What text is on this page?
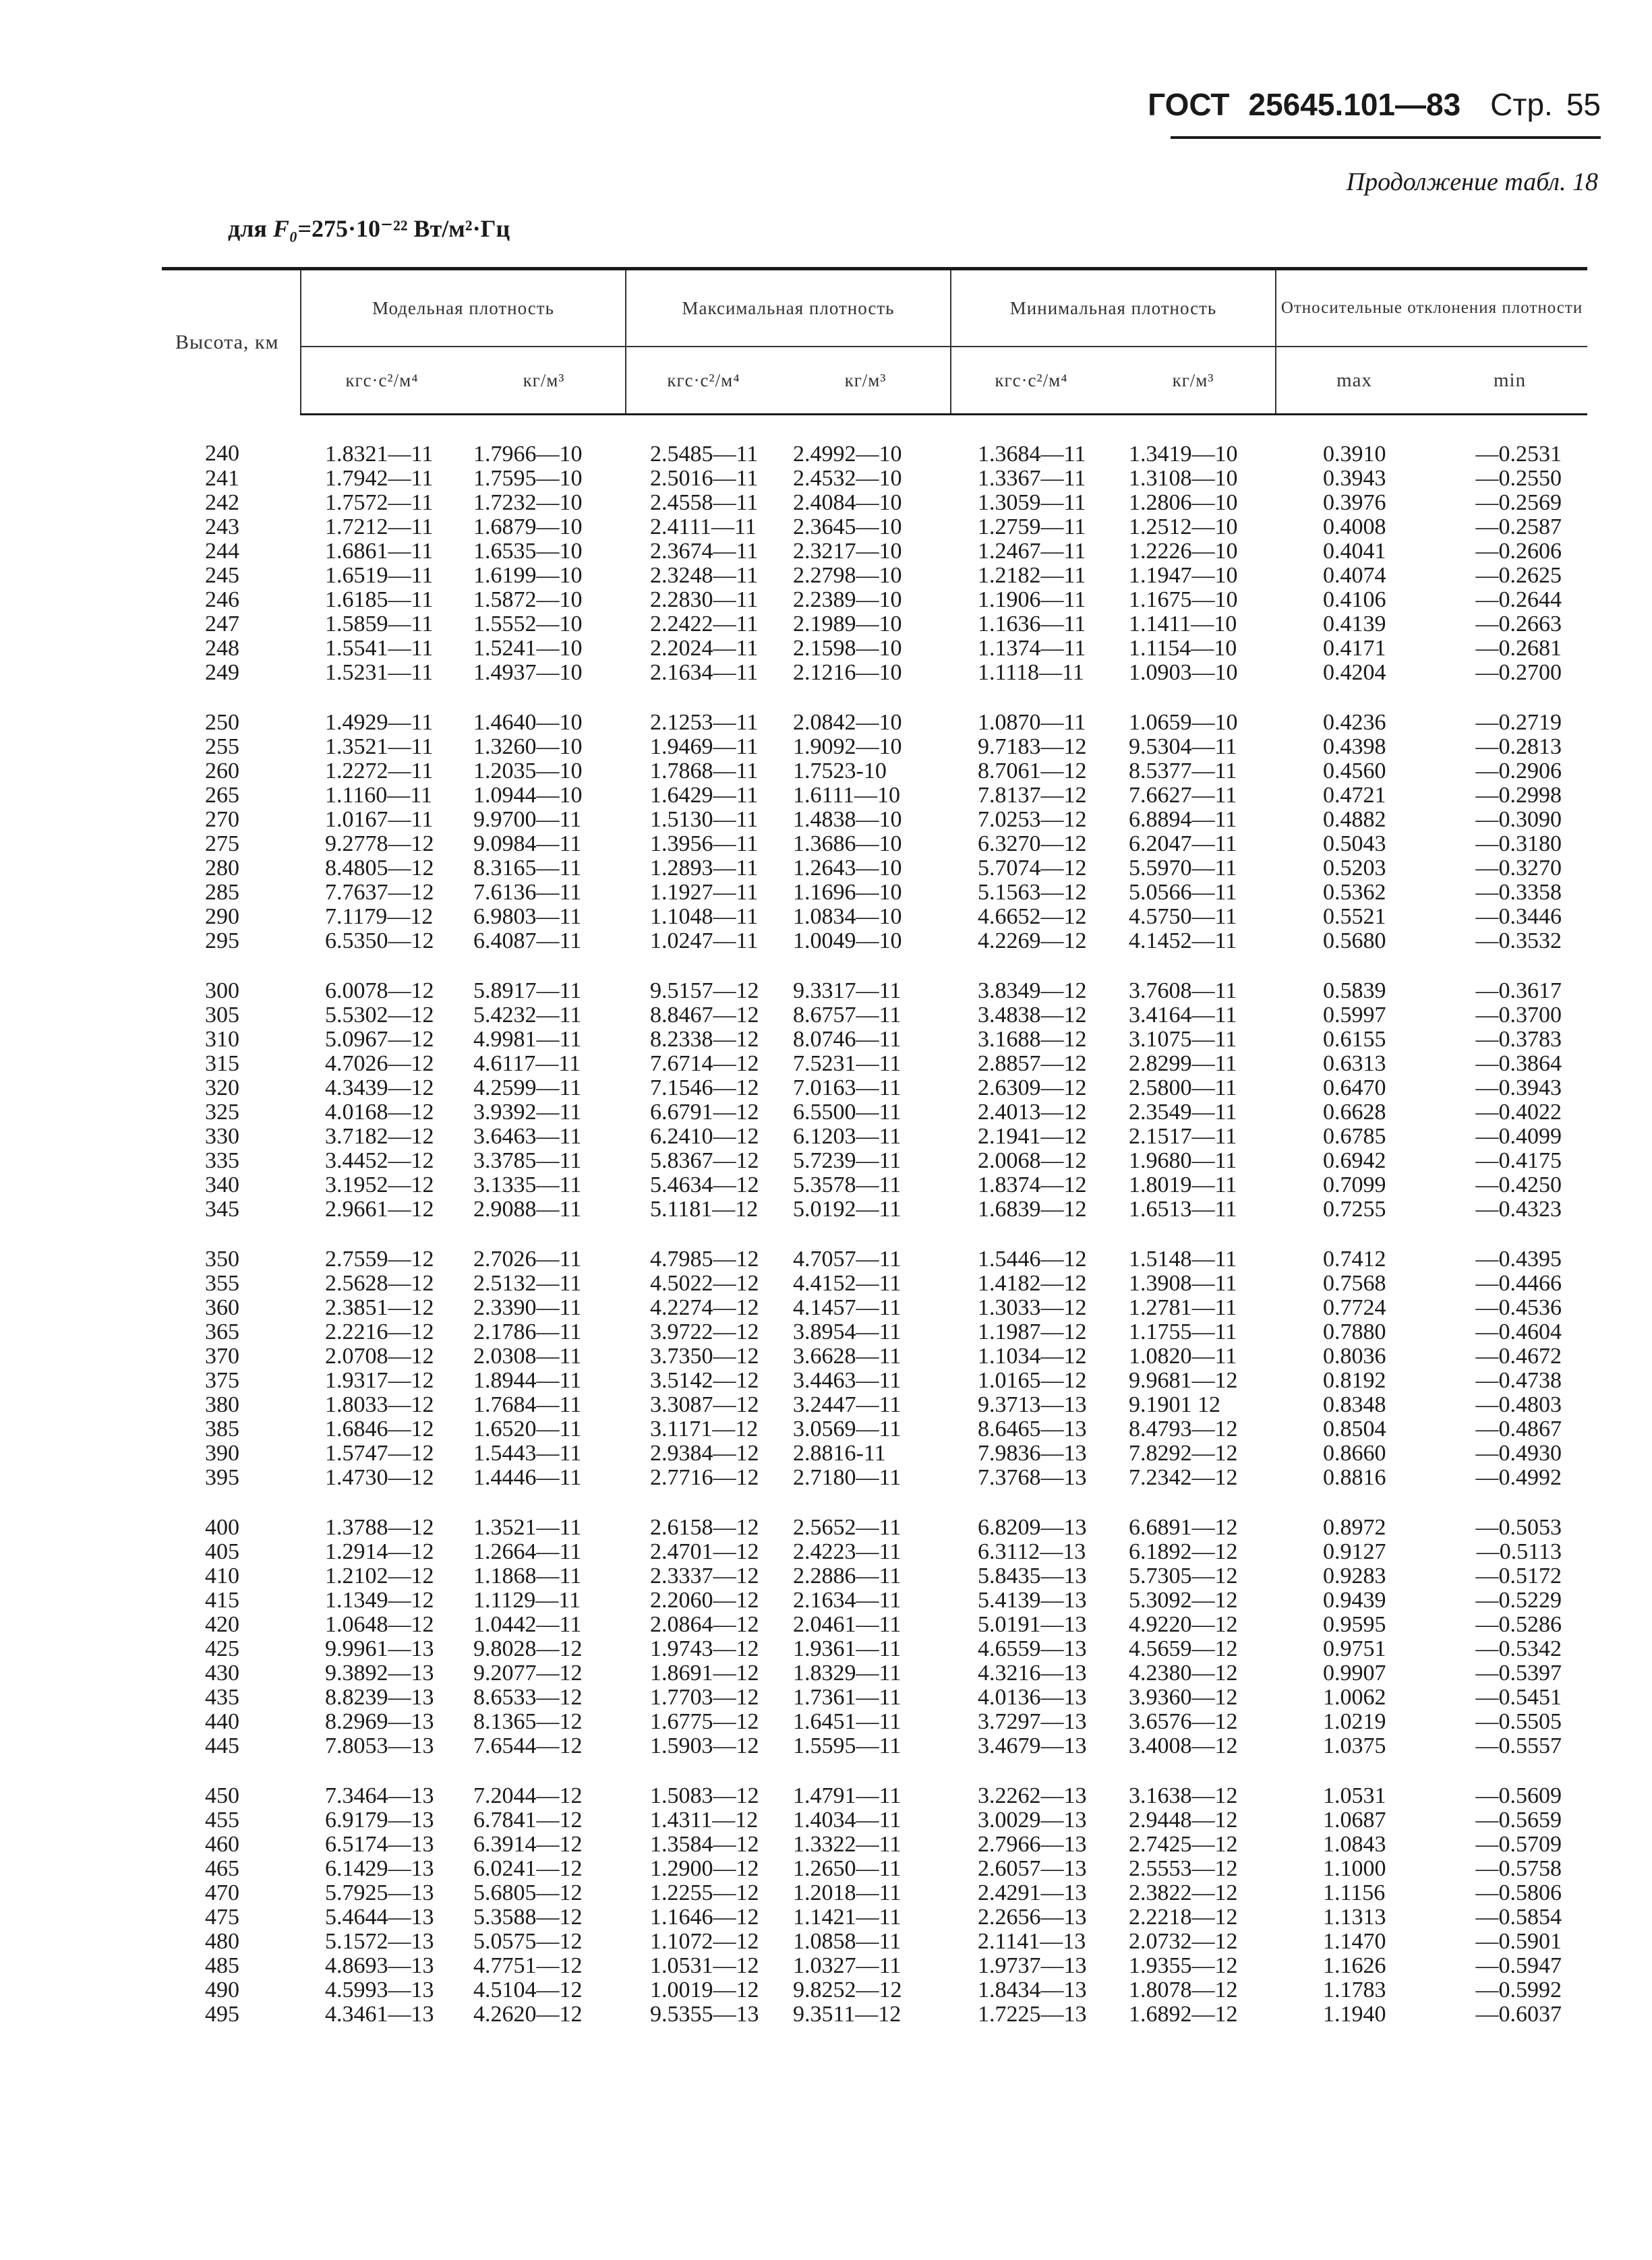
ГОСТ 25645.101—83 Стр. 55
Продолжение табл. 18
для F₀=275·10⁻²² Вт/м²·Гц
Высота, км	Модельная плотность		Максимальная плотность		Минимальная плотность		Относительные отклонения плотности	
	кгс·с²/м⁴	кг/м³	кгс·с²/м⁴	кг/м³	кгс·с²/м⁴	кг/м³	max	min
240	1.8321—11	1.7966—10	2.5485—11	2.4992—10	1.3684—11	1.3419—10	0.3910	—0.2531
241	1.7942—11	1.7595—10	2.5016—11	2.4532—10	1.3367—11	1.3108—10	0.3943	—0.2550
242	1.7572—11	1.7232—10	2.4558—11	2.4084—10	1.3059—11	1.2806—10	0.3976	—0.2569
243	1.7212—11	1.6879—10	2.4111—11	2.3645—10	1.2759—11	1.2512—10	0.4008	—0.2587
244	1.6861—11	1.6535—10	2.3674—11	2.3217—10	1.2467—11	1.2226—10	0.4041	—0.2606
245	1.6519—11	1.6199—10	2.3248—11	2.2798—10	1.2182—11	1.1947—10	0.4074	—0.2625
246	1.6185—11	1.5872—10	2.2830—11	2.2389—10	1.1906—11	1.1675—10	0.4106	—0.2644
247	1.5859—11	1.5552—10	2.2422—11	2.1989—10	1.1636—11	1.1411—10	0.4139	—0.2663
248	1.5541—11	1.5241—10	2.2024—11	2.1598—10	1.1374—11	1.1154—10	0.4171	—0.2681
249	1.5231—11	1.4937—10	2.1634—11	2.1216—10	1.1118—11	1.0903—10	0.4204	—0.2700
250	1.4929—11	1.4640—10	2.1253—11	2.0842—10	1.0870—11	1.0659—10	0.4236	—0.2719
255	1.3521—11	1.3260—10	1.9469—11	1.9092—10	9.7183—12	9.5304—11	0.4398	—0.2813
260	1.2272—11	1.2035—10	1.7868—11	1.7523-10	8.7061—12	8.5377—11	0.4560	—0.2906
265	1.1160—11	1.0944—10	1.6429—11	1.6111—10	7.8137—12	7.6627—11	0.4721	—0.2998
270	1.0167—11	9.9700—11	1.5130—11	1.4838—10	7.0253—12	6.8894—11	0.4882	—0.3090
275	9.2778—12	9.0984—11	1.3956—11	1.3686—10	6.3270—12	6.2047—11	0.5043	—0.3180
280	8.4805—12	8.3165—11	1.2893—11	1.2643—10	5.7074—12	5.5970—11	0.5203	—0.3270
285	7.7637—12	7.6136—11	1.1927—11	1.1696—10	5.1563—12	5.0566—11	0.5362	—0.3358
290	7.1179—12	6.9803—11	1.1048—11	1.0834—10	4.6652—12	4.5750—11	0.5521	—0.3446
295	6.5350—12	6.4087—11	1.0247—11	1.0049—10	4.2269—12	4.1452—11	0.5680	—0.3532
300	6.0078—12	5.8917—11	9.5157—12	9.3317—11	3.8349—12	3.7608—11	0.5839	—0.3617
305	5.5302—12	5.4232—11	8.8467—12	8.6757—11	3.4838—12	3.4164—11	0.5997	—0.3700
310	5.0967—12	4.9981—11	8.2338—12	8.0746—11	3.1688—12	3.1075—11	0.6155	—0.3783
315	4.7026—12	4.6117—11	7.6714—12	7.5231—11	2.8857—12	2.8299—11	0.6313	—0.3864
320	4.3439—12	4.2599—11	7.1546—12	7.0163—11	2.6309—12	2.5800—11	0.6470	—0.3943
325	4.0168—12	3.9392—11	6.6791—12	6.5500—11	2.4013—12	2.3549—11	0.6628	—0.4022
330	3.7182—12	3.6463—11	6.2410—12	6.1203—11	2.1941—12	2.1517—11	0.6785	—0.4099
335	3.4452—12	3.3785—11	5.8367—12	5.7239—11	2.0068—12	1.9680—11	0.6942	—0.4175
340	3.1952—12	3.1335—11	5.4634—12	5.3578—11	1.8374—12	1.8019—11	0.7099	—0.4250
345	2.9661—12	2.9088—11	5.1181—12	5.0192—11	1.6839—12	1.6513—11	0.7255	—0.4323
350	2.7559—12	2.7026—11	4.7985—12	4.7057—11	1.5446—12	1.5148—11	0.7412	—0.4395
355	2.5628—12	2.5132—11	4.5022—12	4.4152—11	1.4182—12	1.3908—11	0.7568	—0.4466
360	2.3851—12	2.3390—11	4.2274—12	4.1457—11	1.3033—12	1.2781—11	0.7724	—0.4536
365	2.2216—12	2.1786—11	3.9722—12	3.8954—11	1.1987—12	1.1755—11	0.7880	—0.4604
370	2.0708—12	2.0308—11	3.7350—12	3.6628—11	1.1034—12	1.0820—11	0.8036	—0.4672
375	1.9317—12	1.8944—11	3.5142—12	3.4463—11	1.0165—12	9.9681—12	0.8192	—0.4738
380	1.8033—12	1.7684—11	3.3087—12	3.2447—11	9.3713—13	9.1901 12	0.8348	—0.4803
385	1.6846—12	1.6520—11	3.1171—12	3.0569—11	8.6465—13	8.4793—12	0.8504	—0.4867
390	1.5747—12	1.5443—11	2.9384—12	2.8816-11	7.9836—13	7.8292—12	0.8660	—0.4930
395	1.4730—12	1.4446—11	2.7716—12	2.7180—11	7.3768—13	7.2342—12	0.8816	—0.4992
400	1.3788—12	1.3521—11	2.6158—12	2.5652—11	6.8209—13	6.6891—12	0.8972	—0.5053
405	1.2914—12	1.2664—11	2.4701—12	2.4223—11	6.3112—13	6.1892—12	0.9127	—0.5113
410	1.2102—12	1.1868—11	2.3337—12	2.2886—11	5.8435—13	5.7305—12	0.9283	—0.5172
415	1.1349—12	1.1129—11	2.2060—12	2.1634—11	5.4139—13	5.3092—12	0.9439	—0.5229
420	1.0648—12	1.0442—11	2.0864—12	2.0461—11	5.0191—13	4.9220—12	0.9595	—0.5286
425	9.9961—13	9.8028—12	1.9743—12	1.9361—11	4.6559—13	4.5659—12	0.9751	—0.5342
430	9.3892—13	9.2077—12	1.8691—12	1.8329—11	4.3216—13	4.2380—12	0.9907	—0.5397
435	8.8239—13	8.6533—12	1.7703—12	1.7361—11	4.0136—13	3.9360—12	1.0062	—0.5451
440	8.2969—13	8.1365—12	1.6775—12	1.6451—11	3.7297—13	3.6576—12	1.0219	—0.5505
445	7.8053—13	7.6544—12	1.5903—12	1.5595—11	3.4679—13	3.4008—12	1.0375	—0.5557
450	7.3464—13	7.2044—12	1.5083—12	1.4791—11	3.2262—13	3.1638—12	1.0531	—0.5609
455	6.9179—13	6.7841—12	1.4311—12	1.4034—11	3.0029—13	2.9448—12	1.0687	—0.5659
460	6.5174—13	6.3914—12	1.3584—12	1.3322—11	2.7966—13	2.7425—12	1.0843	—0.5709
465	6.1429—13	6.0241—12	1.2900—12	1.2650—11	2.6057—13	2.5553—12	1.1000	—0.5758
470	5.7925—13	5.6805—12	1.2255—12	1.2018—11	2.4291—13	2.3822—12	1.1156	—0.5806
475	5.4644—13	5.3588—12	1.1646—12	1.1421—11	2.2656—13	2.2218—12	1.1313	—0.5854
480	5.1572—13	5.0575—12	1.1072—12	1.0858—11	2.1141—13	2.0732—12	1.1470	—0.5901
485	4.8693—13	4.7751—12	1.0531—12	1.0327—11	1.9737—13	1.9355—12	1.1626	—0.5947
490	4.5993—13	4.5104—12	1.0019—12	9.8252—12	1.8434—13	1.8078—12	1.1783	—0.5992
495	4.3461—13	4.2620—12	9.5355—13	9.3511—12	1.7225—13	1.6892—12	1.1940	—0.6037
